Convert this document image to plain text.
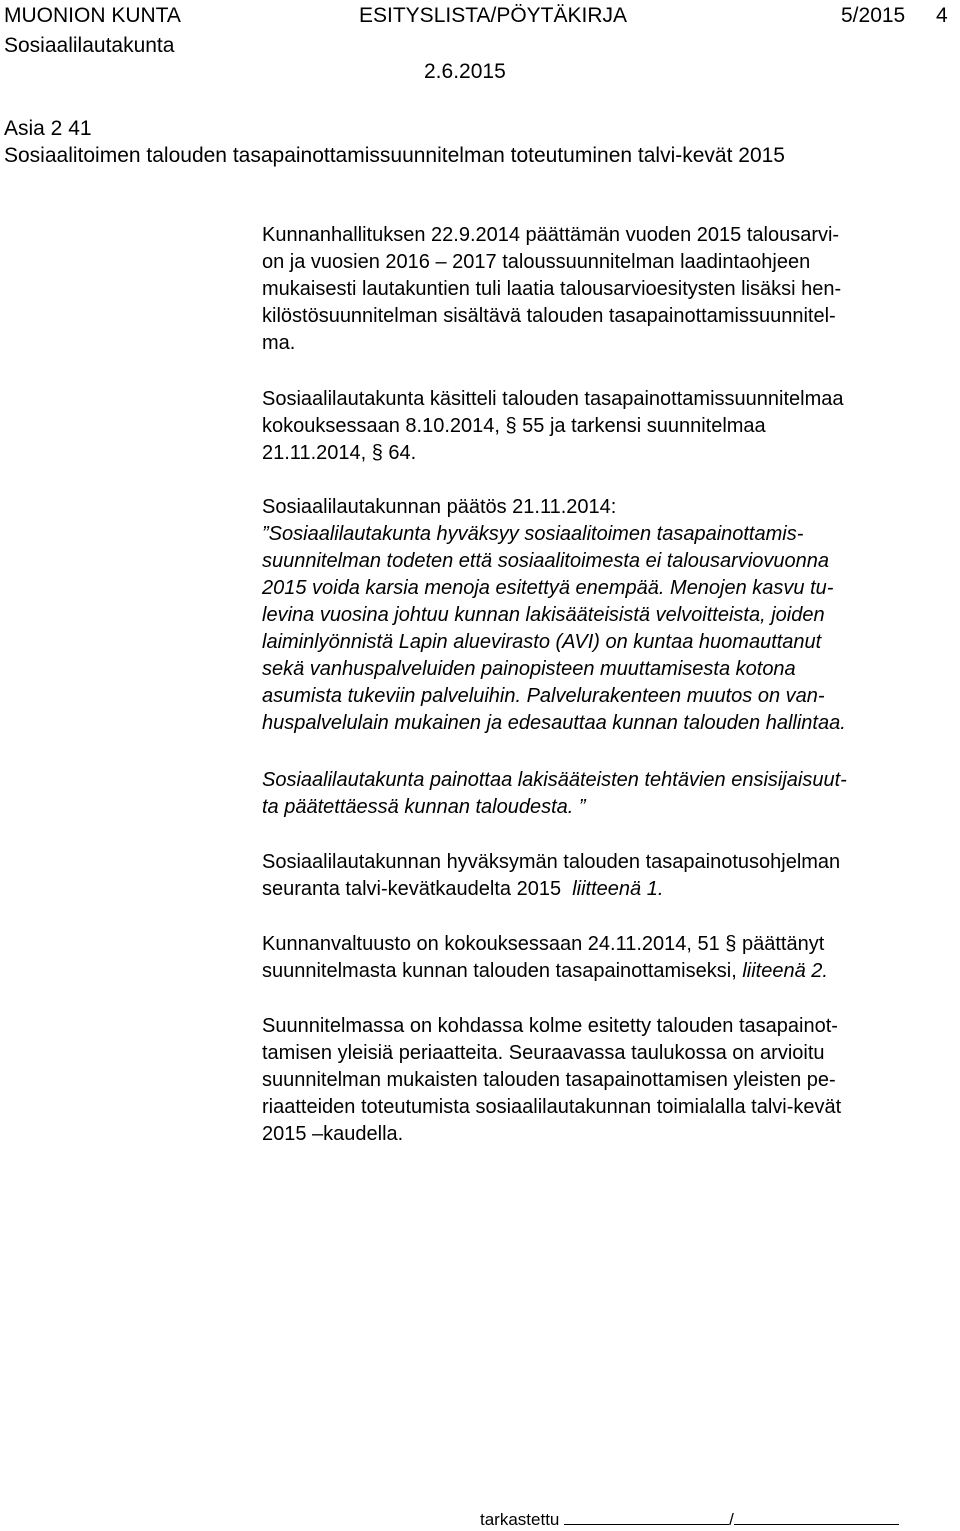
MUONION KUNTA	ESITYSLISTA/PÖYTÄKIRJA	5/2015 4
Sosiaalilautakunta
2.6.2015
Asia 2 41
Sosiaalitoimen talouden tasapainottamissuunnitelman toteutuminen talvi-kevät 2015

Kunnanhallituksen 22.9.2014 päättämän vuoden 2015 talousarvi-

on ja vuosien 2016 – 2017 taloussuunnitelman laadintaohjeen

mukaisesti lautakuntien tuli laatia talousarvioesitysten lisäksi hen-

kilöstösuunnitelman sisältävä talouden tasapainottamissuunnitel-

ma.

Sosiaalilautakunta käsitteli talouden tasapainottamissuunnitelmaa

kokouksessaan 8.10.2014, § 55 ja tarkensi suunnitelmaa

21.11.2014, § 64.

Sosiaalilautakunnan päätös 21.11.2014:

”Sosiaalilautakunta hyväksyy sosiaalitoimen tasapainottamis-

suunnitelman todeten että sosiaalitoimesta ei talousarviovuonna

2015 voida karsia menoja esitettyä enempää. Menojen kasvu tu-

levina vuosina johtuu kunnan lakisääteisistä velvoitteista, joiden

laiminlyönnistä Lapin aluevirasto (AVI) on kuntaa huomauttanut

sekä vanhuspalveluiden painopisteen muuttamisesta kotona

asumista tukeviin palveluihin. Palvelurakenteen muutos on van-

huspalvelulain mukainen ja edesauttaa kunnan talouden hallintaa.

Sosiaalilautakunta painottaa lakisääteisten tehtävien ensisijaisuut-

ta päätettäessä kunnan taloudesta. ”

Sosiaalilautakunnan hyväksymän talouden tasapainotusohjelman

seuranta talvi-kevätkaudelta 2015 liitteenä 1.

Kunnanvaltuusto on kokouksessaan 24.11.2014, 51 § päättänyt

suunnitelmasta kunnan talouden tasapainottamiseksi, liiteenä 2.

Suunnitelmassa on kohdassa kolme esitetty talouden tasapainot-

tamisen yleisiä periaatteita. Seuraavassa taulukossa on arvioitu

suunnitelman mukaisten talouden tasapainottamisen yleisten pe-

riaatteiden toteutumista sosiaalilautakunnan toimialalla talvi-kevät

2015 –kaudella.

tarkastettu	/
